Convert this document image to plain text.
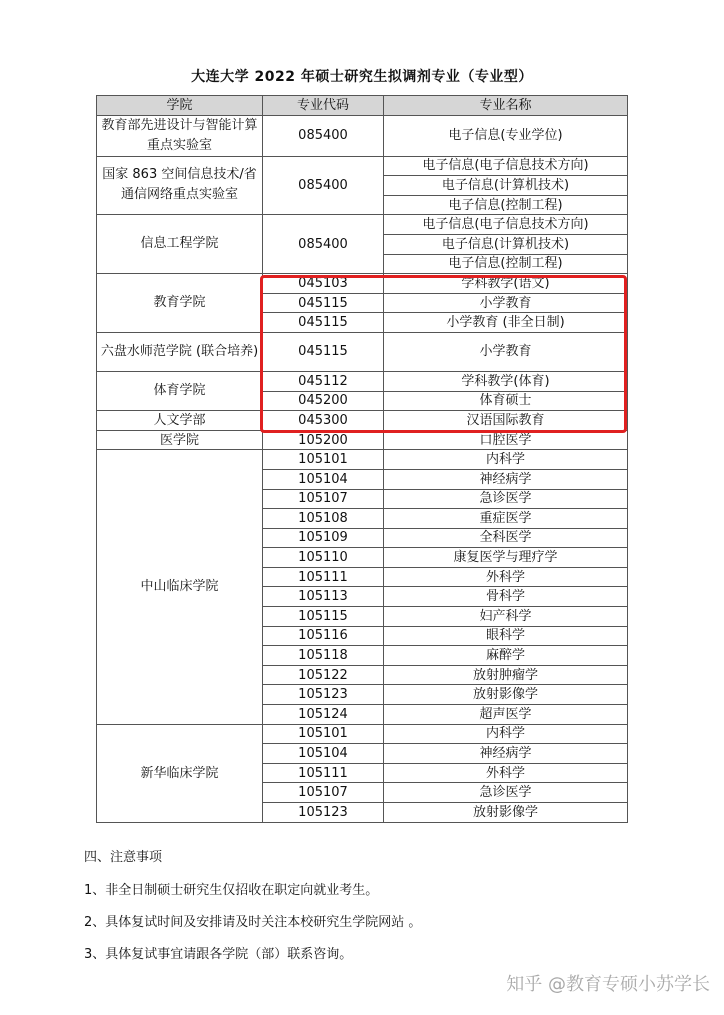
大连大学 2022 年硕士研究生拟调剂专业（专业型）
学院	专业代码	专业名称
教育部先进设计与智能计算重点实验室	085400	电子信息(专业学位)
国家 863 空间信息技术/省通信网络重点实验室	085400	电子信息(电子信息技术方向)
		电子信息(计算机技术)
		电子信息(控制工程)
信息工程学院	085400	电子信息(电子信息技术方向)
		电子信息(计算机技术)
		电子信息(控制工程)
教育学院	045103	学科教学(语文)
	045115	小学教育
	045115	小学教育 (非全日制)
六盘水师范学院 (联合培养)	045115	小学教育
体育学院	045112	学科教学(体育)
	045200	体育硕士
人文学部	045300	汉语国际教育
医学院	105200	口腔医学
中山临床学院	105101	内科学
	105104	神经病学
	105107	急诊医学
	105108	重症医学
	105109	全科医学
	105110	康复医学与理疗学
	105111	外科学
	105113	骨科学
	105115	妇产科学
	105116	眼科学
	105118	麻醉学
	105122	放射肿瘤学
	105123	放射影像学
	105124	超声医学
新华临床学院	105101	内科学
	105104	神经病学
	105111	外科学
	105107	急诊医学
	105123	放射影像学
四、注意事项
1、非全日制硕士研究生仅招收在职定向就业考生。
2、具体复试时间及安排请及时关注本校研究生学院网站 。
3、具体复试事宜请跟各学院（部）联系咨询。
知乎 @教育专硕小苏学长
